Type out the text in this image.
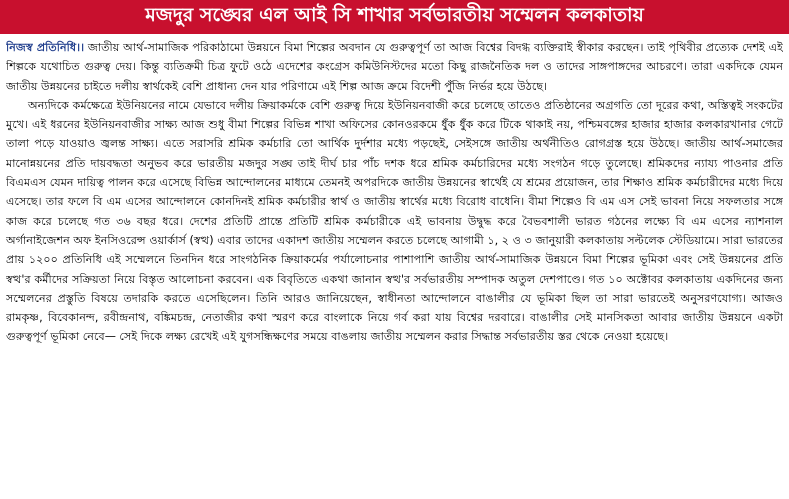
মজদুর সঙ্ঘের এল আই সি শাখার সর্বভারতীয় সম্মেলন কলকাতায়

নিজস্ব প্রতিনিধি।। জাতীয় আর্থ-সামাজিক পরিকাঠামো উন্নয়নে বিমা শিল্পের অবদান যে গুরুত্বপূর্ণ তা আজ বিশ্বের বিদগ্ধ ব্যক্তিরাই স্বীকার করছেন। তাই পৃথিবীর প্রত্যেক দেশই এই শিল্পকে যথোচিত গুরুত্ব দেয়। কিন্তু ব্যতিক্রমী চিত্র ফুটে ওঠে এদেশের কংগ্রেস কমিউনিস্টদের মতো কিছু রাজনৈতিক দল ও তাদের সাঙ্গপাঙ্গদের আচরণে। তারা একদিকে যেমন জাতীয় উন্নয়নের চাইতে দলীয় স্বার্থকেই বেশি প্রাধান্য দেন যার পরিণামে এই শিল্প আজ ক্রমে বিদেশী পুঁজি নির্ভর হয়ে উঠছে।

অন্যদিকে কর্মক্ষেত্রে ইউনিয়নের নামে যেভাবে দলীয় ক্রিয়াকর্মকে বেশি গুরুত্ব দিয়ে ইউনিয়নবাজী করে চলেছে তাতেও প্রতিষ্ঠানের অগ্রগতি তো দূরের কথা, অস্তিত্বই সংকটের মুখে। এই ধরনের ইউনিয়নবাজীর সাক্ষ্য আজ শুধু বীমা শিল্পের বিভিন্ন শাখা অফিসের কোনওরকমে ধুঁক ধুঁক করে টিকে থাকাই নয়, পশ্চিমবঙ্গের হাজার হাজার কলকারখানার গেটে তালা পড়ে যাওয়াও জ্বলন্ত সাক্ষ্য। এতে সরাসরি শ্রমিক কর্মচারি তো আর্থিক দুর্দশার মধ্যে পড়ছেই, সেইসঙ্গে জাতীয় অর্থনীতিও রোগগ্রস্ত হয়ে উঠছে। জাতীয় আর্থ-সমাজের মানোন্নয়নের প্রতি দায়বদ্ধতা অনুভব করে ভারতীয় মজদুর সঙ্ঘ তাই দীর্ঘ চার পাঁচ দশক ধরে শ্রমিক কর্মচারিদের মধ্যে সংগঠন গড়ে তুলেছে। শ্রমিকদের ন্যায্য পাওনার প্রতি বিএমএস যেমন দায়িত্ব পালন করে এসেছে বিভিন্ন আন্দোলনের মাধ্যমে তেমনই অপরদিকে জাতীয় উন্নয়নের স্বার্থেই যে শ্রমের প্রয়োজন, তার শিক্ষাও শ্রমিক কর্মচারীদের মধ্যে দিয়ে এসেছে। তার ফলে বি এম এসের আন্দোলনে কোনদিনই শ্রমিক কর্মচারীর স্বার্থ ও জাতীয় স্বার্থের মধ্যে বিরোধ বাধেনি। বীমা শিল্পেও বি এম এস সেই ভাবনা নিয়ে সফলতার সঙ্গে কাজ করে চলেছে গত ৩৬ বছর ধরে। দেশের প্রতিটি প্রান্তে প্রতিটি শ্রমিক কর্মচারীকে এই ভাবনায় উদ্বুদ্ধ করে বৈভবশালী ভারত গঠনের লক্ষ্যে বি এম এসের ন্যাশনাল অর্গানাইজেশন অফ ইনসিওরেন্স ওয়ার্কার্স (স্বত্থ) এবার তাদের একাদশ জাতীয় সম্মেলন করতে চলেছে আগামী ১, ২ ও ৩ জানুয়ারী কলকাতায় সল্টলেক স্টেডিয়ামে। সারা ভারতের প্রায় ১২০০ প্রতিনিধি এই সম্মেলনে তিনদিন ধরে সাংগঠনিক ক্রিয়াকর্মের পর্যালোচনার পাশাপাশি জাতীয় আর্থ-সামাজিক উন্নয়নে বিমা শিল্পের ভূমিকা এবং সেই উন্নয়নের প্রতি স্বত্থ'র কর্মীদের সক্রিয়তা নিয়ে বিস্তৃত আলোচনা করবেন। এক বিবৃতিতে একথা জানান স্বত্থ'র সর্বভারতীয় সম্পাদক অতুল দেশপাণ্ডে। গত ১০ অক্টোবর কলকাতায় একদিনের জন্য সম্মেলনের প্রস্তুতি বিষয়ে তদারকি করতে এসেছিলেন। তিনি আরও জানিয়েছেন, স্বাধীনতা আন্দোলনে বাঙালীর যে ভূমিকা ছিল তা সারা ভারতেই অনুসরণযোগ্য। আজও রামকৃষ্ণ, বিবেকানন্দ, রবীন্দ্রনাথ, বঙ্কিমচন্দ্র, নেতাজীর কথা স্মরণ করে বাংলাকে নিয়ে গর্ব করা যায় বিশ্বের দরবারে। বাঙালীর সেই মানসিকতা আবার জাতীয় উন্নয়নে একটা গুরুত্বপূর্ণ ভূমিকা নেবে— সেই দিকে লক্ষ্য রেখেই এই যুগসন্ধিক্ষণের সময়ে বাঙলায় জাতীয় সম্মেলন করার সিদ্ধান্ত সর্বভারতীয় স্তর থেকে নেওয়া হয়েছে।
